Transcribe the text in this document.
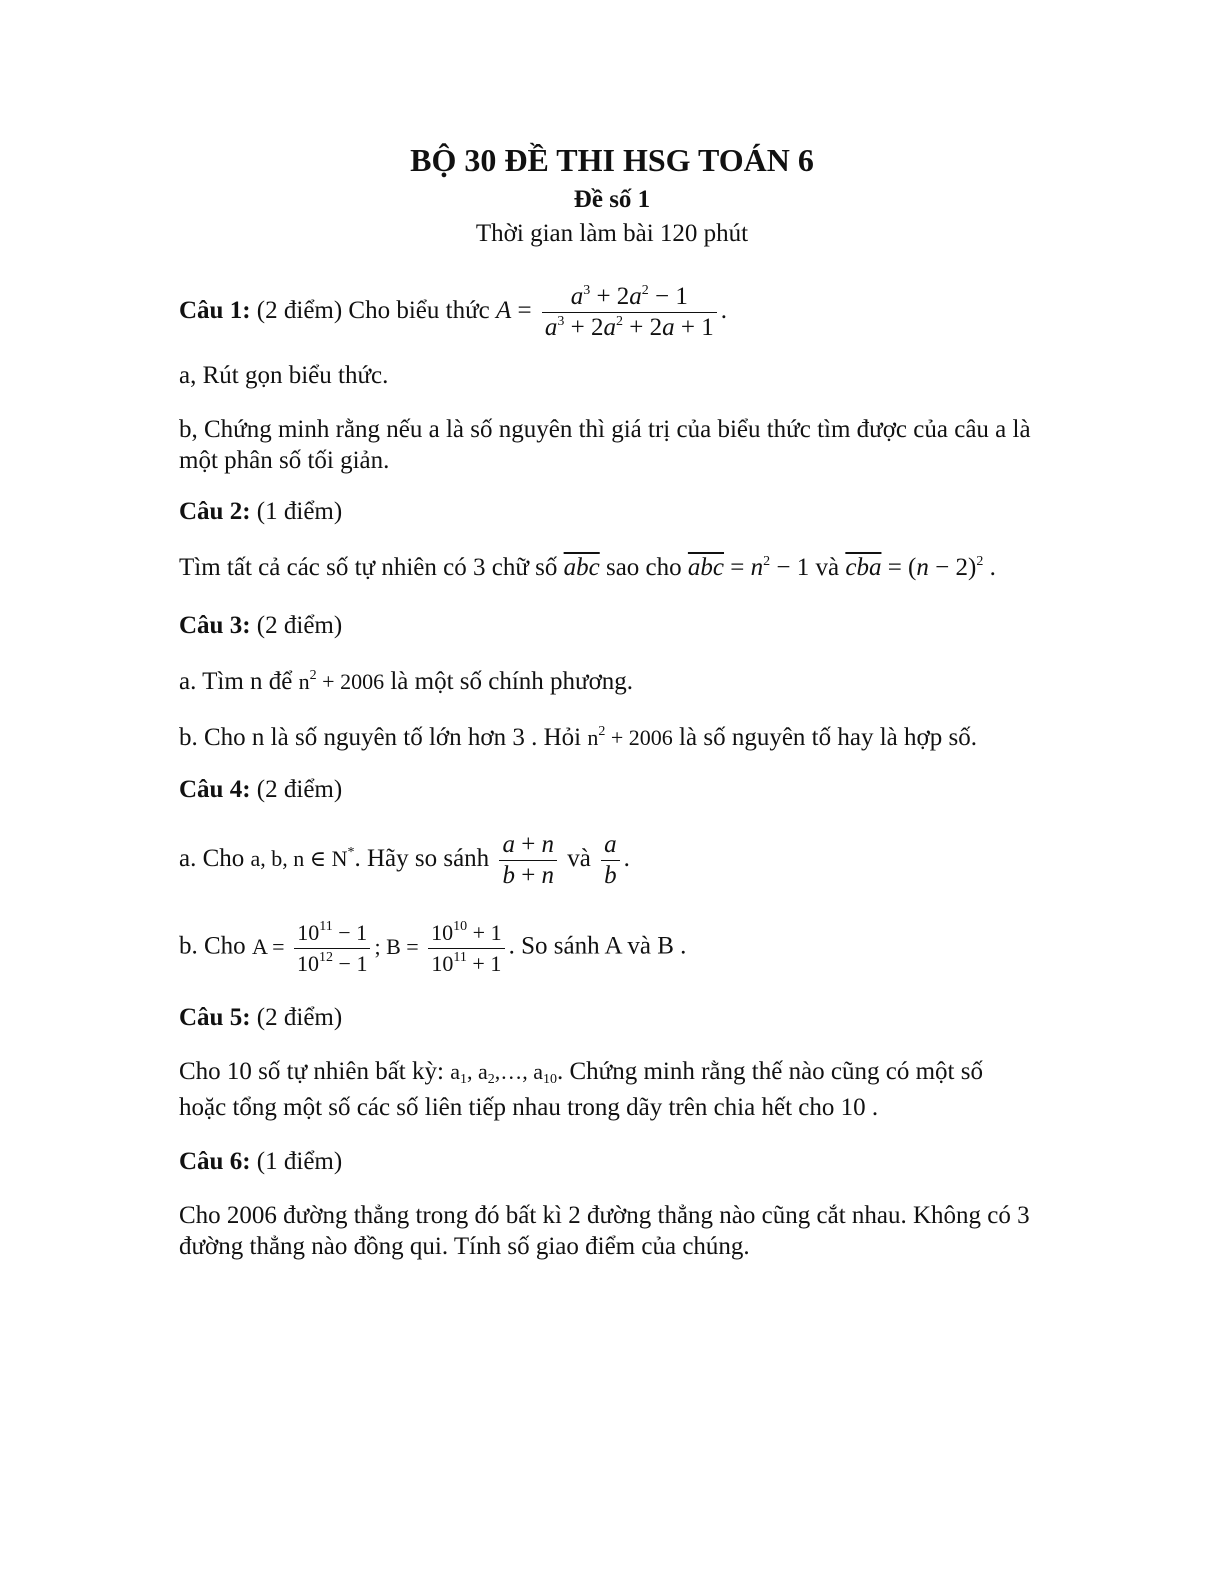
BỘ 30 ĐỀ THI HSG TOÁN 6
Đề số 1
Thời gian làm bài 120 phút
Câu 1: (2 điểm) Cho biểu thức $A = \frac{a^3 + 2a^2 - 1}{a^3 + 2a^2 + 2a + 1}$ .
a, Rút gọn biểu thức.
b, Chứng minh rằng nếu a là số nguyên thì giá trị của biểu thức tìm được của câu a là một phân số tối giản.
Câu 2: (1 điểm)
Tìm tất cả các số tự nhiên có 3 chữ số $\overline{abc}$ sao cho $\overline{abc} = n^2 - 1$ và $\overline{cba} = (n - 2)^2$ .
Câu 3: (2 điểm)
a. Tìm n để $n^2 + 2006$ là một số chính phương.
b. Cho n là số nguyên tố lớn hơn 3 . Hỏi $n^2 + 2006$ là số nguyên tố hay là hợp số.
Câu 4: (2 điểm)
a. Cho a, b, n ∈ N*. Hãy so sánh $\frac{a + n}{b + n}$ và $\frac{a}{b}$ .
b. Cho $A = \frac{10^{11} - 1}{10^{12} - 1}$ ; $B = \frac{10^{10} + 1}{10^{11} + 1}$ . So sánh A và B .
Câu 5: (2 điểm)
Cho 10 số tự nhiên bất kỳ: $a_1$, $a_2,\dots$, $a_{10}$. Chứng minh rằng thế nào cũng có một số
hoặc tổng một số các số liên tiếp nhau trong dãy trên chia hết cho 10 .
Câu 6: (1 điểm)
Cho 2006 đường thẳng trong đó bất kì 2 đường thẳng nào cũng cắt nhau. Không có 3 đường thẳng nào đồng qui. Tính số giao điểm của chúng.
